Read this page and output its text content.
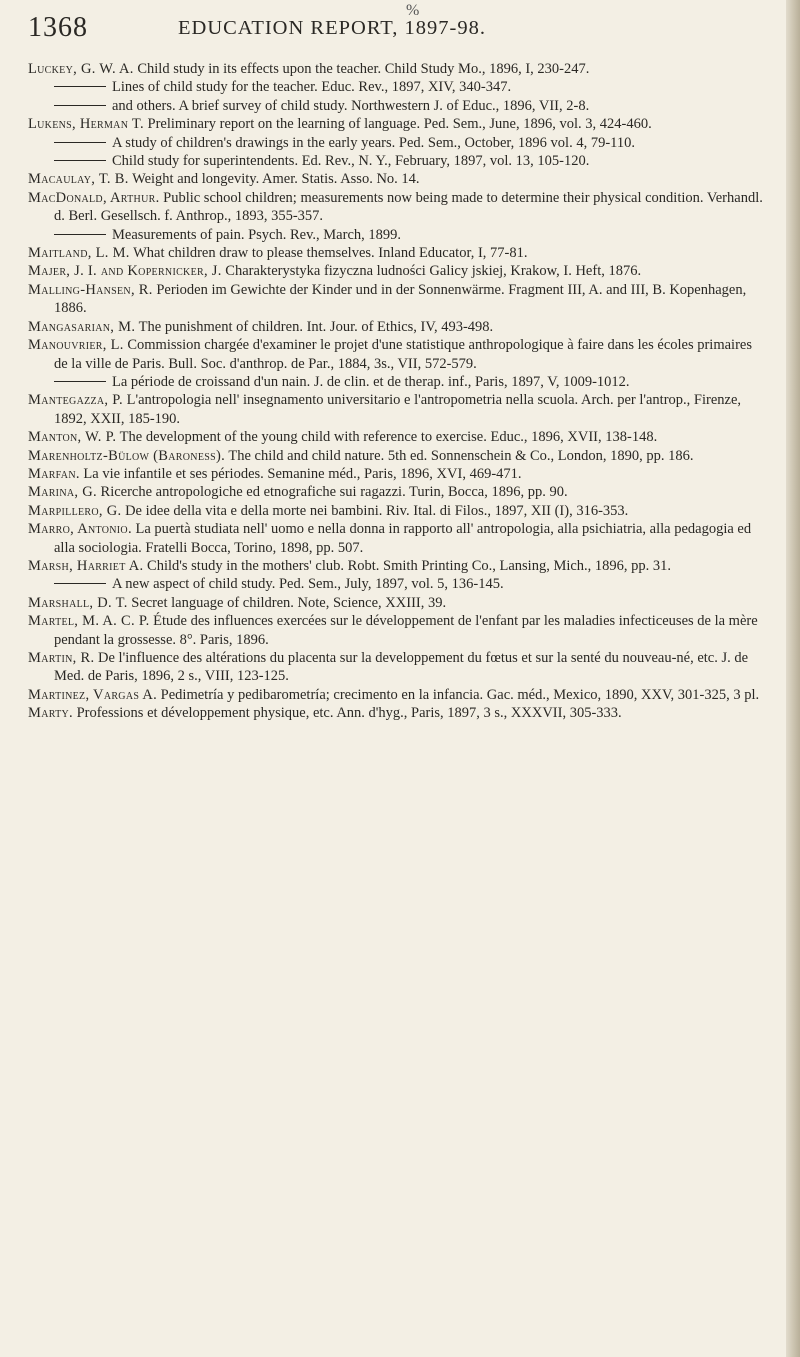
%
1368	EDUCATION REPORT, 1897-98.

Luckey, G. W. A. Child study in its effects upon the teacher. Child Study Mo., 1896, I, 230-247.

Lines of child study for the teacher. Educ. Rev., 1897, XIV, 340-347.

and others. A brief survey of child study. Northwestern J. of Educ., 1896, VII, 2-8.

Lukens, Herman T. Preliminary report on the learning of language. Ped. Sem., June, 1896, vol. 3, 424-460.

A study of children's drawings in the early years. Ped. Sem., October, 1896 vol. 4, 79-110.

Child study for superintendents. Ed. Rev., N. Y., February, 1897, vol. 13, 105-120.

Macaulay, T. B. Weight and longevity. Amer. Statis. Asso. No. 14.

MacDonald, Arthur. Public school children; measurements now being made to determine their physical condition. Verhandl. d. Berl. Gesellsch. f. Anthrop., 1893, 355-357.

Measurements of pain. Psych. Rev., March, 1899.

Maitland, L. M. What children draw to please themselves. Inland Educator, I, 77-81.

Majer, J. I. and Kopernicker, J. Charakterystyka fizyczna ludności Galicy jskiej, Krakow, I. Heft, 1876.

Malling-Hansen, R. Perioden im Gewichte der Kinder und in der Sonnenwärme. Fragment III, A. and III, B. Kopenhagen, 1886.

Mangasarian, M. The punishment of children. Int. Jour. of Ethics, IV, 493-498.

Manouvrier, L. Commission chargée d'examiner le projet d'une statistique anthropologique à faire dans les écoles primaires de la ville de Paris. Bull. Soc. d'anthrop. de Par., 1884, 3s., VII, 572-579.

La période de croissand d'un nain. J. de clin. et de therap. inf., Paris, 1897, V, 1009-1012.

Mantegazza, P. L'antropologia nell' insegnamento universitario e l'antropometria nella scuola. Arch. per l'antrop., Firenze, 1892, XXII, 185-190.

Manton, W. P. The development of the young child with reference to exercise. Educ., 1896, XVII, 138-148.

Marenholtz-Bülow (Baroness). The child and child nature. 5th ed. Sonnenschein & Co., London, 1890, pp. 186.

Marfan. La vie infantile et ses périodes. Semanine méd., Paris, 1896, XVI, 469-471.

Marina, G. Ricerche antropologiche ed etnografiche sui ragazzi. Turin, Bocca, 1896, pp. 90.

Marpillero, G. De idee della vita e della morte nei bambini. Riv. Ital. di Filos., 1897, XII (I), 316-353.

Marro, Antonio. La puertà studiata nell' uomo e nella donna in rapporto all' antropologia, alla psichiatria, alla pedagogia ed alla sociologia. Fratelli Bocca, Torino, 1898, pp. 507.

Marsh, Harriet A. Child's study in the mothers' club. Robt. Smith Printing Co., Lansing, Mich., 1896, pp. 31.

A new aspect of child study. Ped. Sem., July, 1897, vol. 5, 136-145.

Marshall, D. T. Secret language of children. Note, Science, XXIII, 39.

Martel, M. A. C. P. Étude des influences exercées sur le développement de l'enfant par les maladies infecticeuses de la mère pendant la grossesse. 8°. Paris, 1896.

Martin, R. De l'influence des altérations du placenta sur la developpement du fœtus et sur la senté du nouveau-né, etc. J. de Med. de Paris, 1896, 2 s., VIII, 123-125.

Martinez, Vargas A. Pedimetría y pedibarometría; crecimento en la infancia. Gac. méd., Mexico, 1890, XXV, 301-325, 3 pl.

Marty. Professions et développement physique, etc. Ann. d'hyg., Paris, 1897, 3 s., XXXVII, 305-333.
